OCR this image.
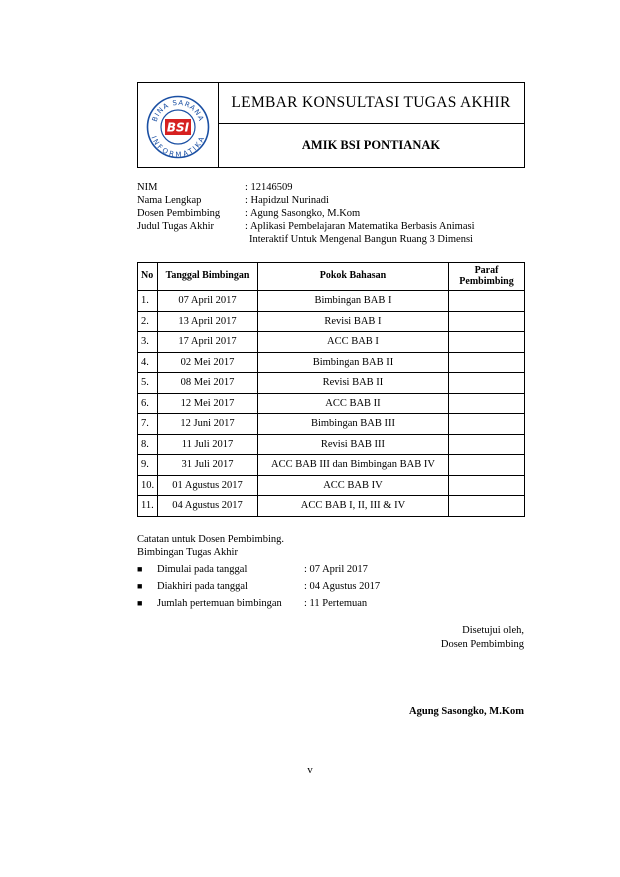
BINA SARANA
INFORMATIKA
BSI
LEMBAR KONSULTASI TUGAS AKHIR
AMIK BSI PONTIANAK
NIM	: 12146509
Nama Lengkap	: Hapidzul Nurinadi
Dosen Pembimbing	: Agung Sasongko, M.Kom
Judul Tugas Akhir	: Aplikasi Pembelajaran Matematika Berbasis Animasi
Interaktif Untuk Mengenal Bangun Ruang 3 Dimensi
No	Tanggal Bimbingan	Pokok Bahasan	Paraf Pembimbing
1.	07 April 2017	Bimbingan BAB I	
2.	13 April 2017	Revisi BAB I	
3.	17 April 2017	ACC BAB I	
4.	02 Mei 2017	Bimbingan BAB II	
5.	08 Mei 2017	Revisi BAB II	
6.	12 Mei 2017	ACC BAB II	
7.	12 Juni 2017	Bimbingan BAB III	
8.	11 Juli 2017	Revisi BAB III	
9.	31 Juli 2017	ACC BAB III dan Bimbingan BAB IV	
10.	01 Agustus 2017	ACC BAB IV	
11.	04 Agustus 2017	ACC BAB I, II, III & IV	
Catatan untuk Dosen Pembimbing.
Bimbingan Tugas Akhir
■	Dimulai pada tanggal	: 07 April 2017
■	Diakhiri pada tanggal	: 04 Agustus 2017
■	Jumlah pertemuan bimbingan	: 11 Pertemuan
Disetujui oleh,
Dosen Pembimbing
Agung Sasongko, M.Kom
v
